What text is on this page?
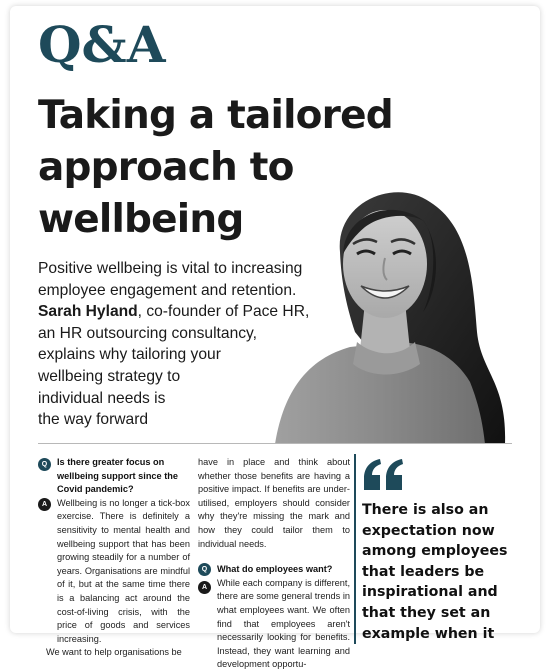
Q&A
Taking a tailored
approach to
wellbeing
Positive wellbeing is vital to increasing
employee engagement and retention.
Sarah Hyland, co-founder of Pace HR,
an HR outsourcing consultancy,
explains why tailoring your
wellbeing strategy to
individual needs is
the way forward
Q	Is there greater focus on wellbeing support since the Covid pandemic?
A	Wellbeing is no longer a tick-box exercise. There is definitely a sensitivity to mental health and wellbeing support that has been growing steadily for a number of years. Organisations are mindful of it, but at the same time there is a balancing act around the cost-of-living crisis, with the price of goods and services increasing.
We want to help organisations be
have in place and think about whether those benefits are having a positive impact. If benefits are under-utilised, employers should consider why they're missing the mark and how they could tailor them to individual needs.
Q	What do employees want?
A	While each company is different, there are some general trends in what employees want. We often find that employees aren't necessarily looking for benefits. Instead, they want learning and development opportu-
There is also an
expectation now
among employees
that leaders be
inspirational and
that they set an
example when it
